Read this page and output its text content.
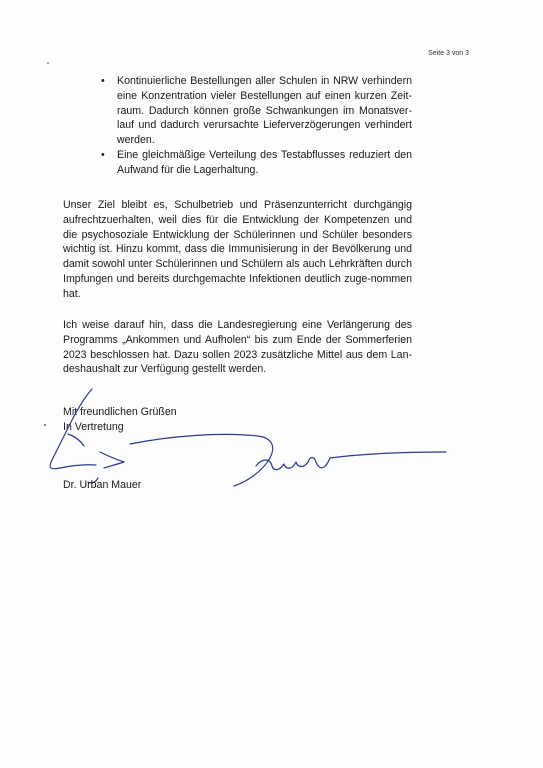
Seite 3 von 3
• Kontinuierliche Bestellungen aller Schulen in NRW verhindern eine Konzentration vieler Bestellungen auf einen kurzen Zeit-raum. Dadurch können große Schwankungen im Monatsver-lauf und dadurch verursachte Lieferverzögerungen verhindert werden.
• Eine gleichmäßige Verteilung des Testabflusses reduziert den Aufwand für die Lagerhaltung.

Unser Ziel bleibt es, Schulbetrieb und Präsenzunterricht durchgängig aufrechtzuerhalten, weil dies für die Entwicklung der Kompetenzen und die psychosoziale Entwicklung der Schülerinnen und Schüler besonders wichtig ist. Hinzu kommt, dass die Immunisierung in der Bevölkerung und damit sowohl unter Schülerinnen und Schülern als auch Lehrkräften durch Impfungen und bereits durchgemachte Infektionen deutlich zuge-nommen hat.

Ich weise darauf hin, dass die Landesregierung eine Verlängerung des Programms „Ankommen und Aufholen“ bis zum Ende der Sommerferien 2023 beschlossen hat. Dazu sollen 2023 zusätzliche Mittel aus dem Lan-deshaushalt zur Verfügung gestellt werden.

Mit freundlichen Grüßen
In Vertretung
Dr. Urban Mauer
